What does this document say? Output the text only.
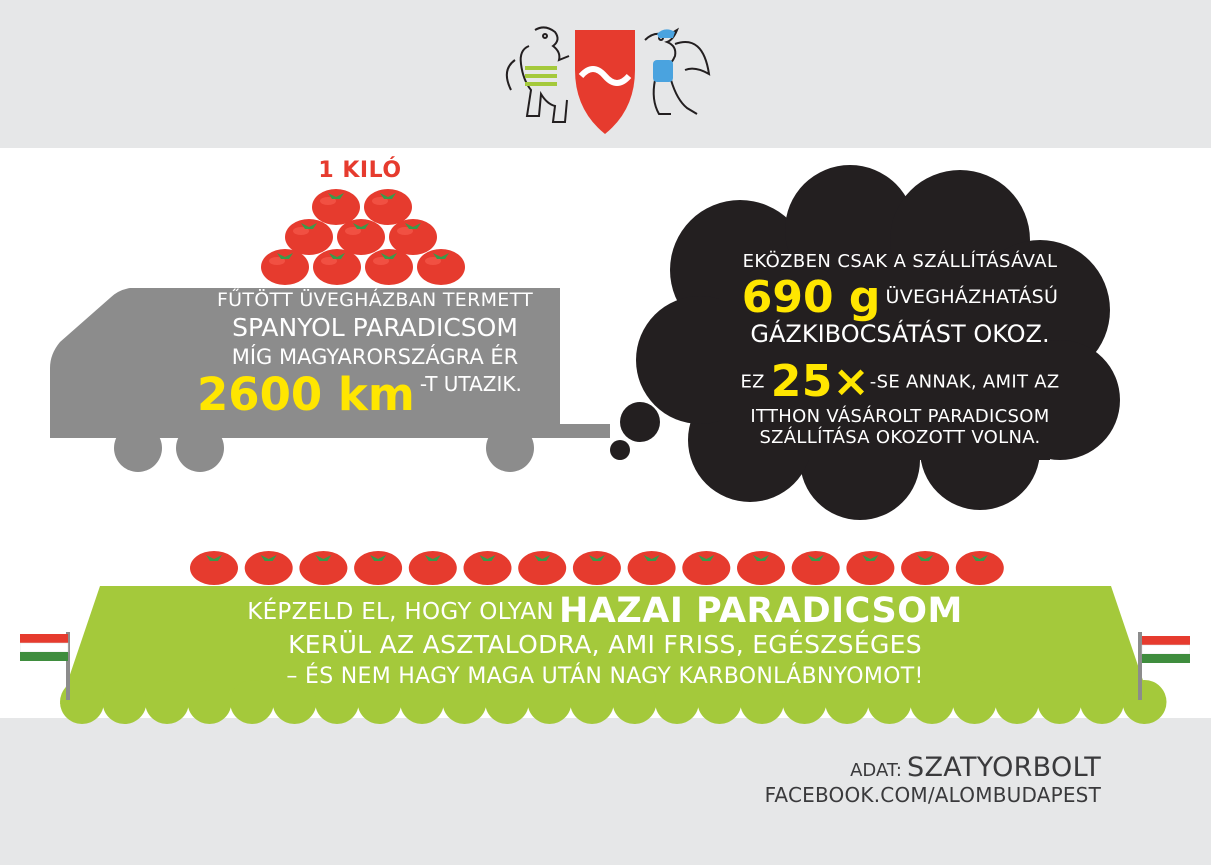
1 KILÓ
FŰTÖTT ÜVEGHÁZBAN TERMETT
SPANYOL PARADICSOM
MÍG MAGYARORSZÁGRA ÉR
2600 km -T UTAZIK.
EKÖZBEN CSAK A SZÁLLÍTÁSÁVAL
690 g ÜVEGHÁZHATÁSÚ
GÁZKIBOCSÁTÁST OKOZ.
EZ 25×-SE ANNAK, AMIT AZ
ITTHON VÁSÁROLT PARADICSOM
SZÁLLÍTÁSA OKOZOTT VOLNA.
KÉPZELD EL, HOGY OLYAN HAZAI PARADICSOM
KERÜL AZ ASZTALODRA, AMI FRISS, EGÉSZSÉGES
– ÉS NEM HAGY MAGA UTÁN NAGY KARBONLÁBNYOMOT!
ADAT: SZATYORBOLT
FACEBOOK.COM/ALOMBUDAPEST
